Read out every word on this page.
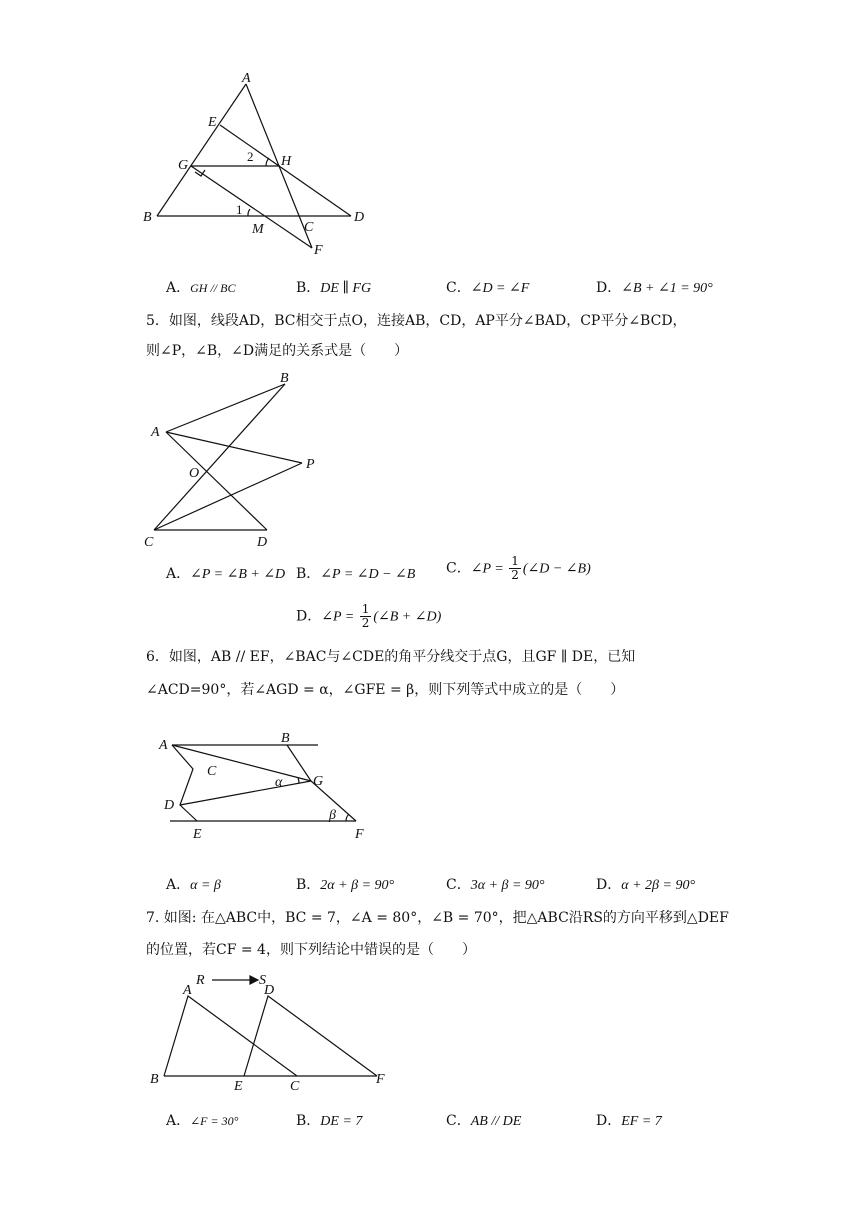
A
E
G	H
B	D
M	C
F
1
2
A．GH // BC	B．DE ∥ FG	C．∠D = ∠F	D．∠B + ∠1 = 90°
5．如图，线段AD，BC相交于点O，连接AB，CD，AP平分∠BAD，CP平分∠BCD，
则∠P，∠B，∠D满足的关系式是（　　）
B
A
P
O
C	D
A．∠P = ∠B + ∠D B．∠P = ∠D − ∠B C．∠P = $\frac{1}{2}$ (∠D − ∠B)
D．∠P = $\frac{1}{2}$ (∠B + ∠D)
6．如图，AB // EF，∠BAC与∠CDE的角平分线交于点G，且GF ∥ DE，已知
∠ACD=90°，若∠AGD = α，∠GFE = β，则下列等式中成立的是（　　）
A	B
C
G
D
E	F
α
β
A．α = β	B．2α + β = 90°	C．3α + β = 90°	D．α + 2β = 90°
7. 如图: 在△ABC中，BC = 7，∠A = 80°，∠B = 70°，把△ABC沿RS的方向平移到△DEF
的位置，若CF = 4，则下列结论中错误的是（　　）
R	S
A	D
B	E	C	F
A．∠F = 30°	B．DE = 7	C．AB // DE	D．EF = 7
